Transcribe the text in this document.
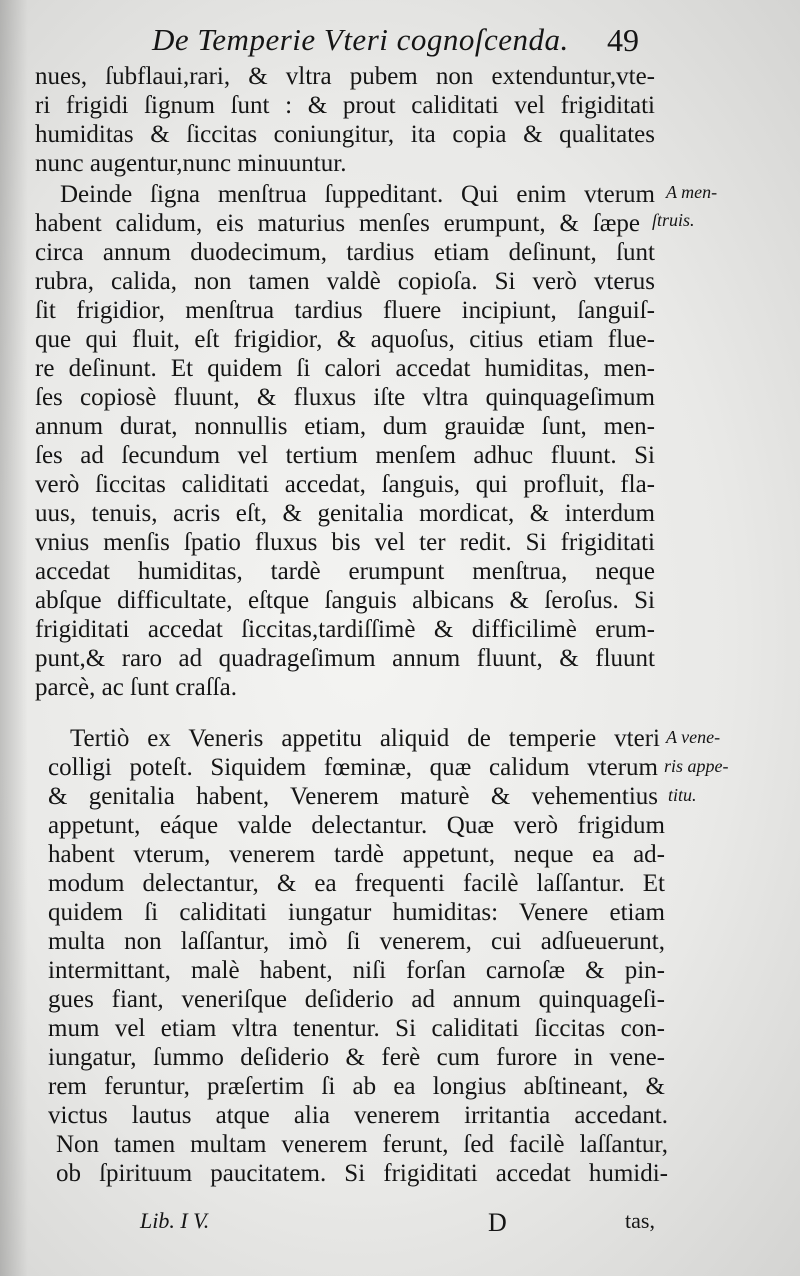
De Temperie Vteri cognoſcenda. 49
nues, ſubflaui,rari, & vltra pubem non extenduntur,vte-
ri frigidi ſignum ſunt : & prout caliditati vel frigiditati
humiditas & ſiccitas coniungitur, ita copia & qualitates
nunc augentur,nunc minuuntur.
Deinde ſigna menſtrua ſuppeditant. Qui enim vterum
habent calidum, eis maturius menſes erumpunt, & ſæpe
circa annum duodecimum, tardius etiam deſinunt, ſunt
rubra, calida, non tamen valdè copioſa. Si verò vterus
ſit frigidior, menſtrua tardius fluere incipiunt, ſanguiſ-
que qui fluit, eſt frigidior, & aquoſus, citius etiam flue-
re deſinunt. Et quidem ſi calori accedat humiditas, men-
ſes copiosè fluunt, & fluxus iſte vltra quinquageſimum
annum durat, nonnullis etiam, dum grauidæ ſunt, men-
ſes ad ſecundum vel tertium menſem adhuc fluunt. Si
verò ſiccitas caliditati accedat, ſanguis, qui profluit, fla-
uus, tenuis, acris eſt, & genitalia mordicat, & interdum
vnius menſis ſpatio fluxus bis vel ter redit. Si frigiditati
accedat humiditas, tardè erumpunt menſtrua, neque
abſque difficultate, eſtque ſanguis albicans & ſeroſus. Si
frigiditati accedat ſiccitas,tardiſſimè & difficilimè erum-
punt,& raro ad quadrageſimum annum fluunt, & fluunt
parcè, ac ſunt craſſa.
Tertiò ex Veneris appetitu aliquid de temperie vteri
colligi poteſt. Siquidem fœminæ, quæ calidum vterum
& genitalia habent, Venerem maturè & vehementius
appetunt, eáque valde delectantur. Quæ verò frigidum
habent vterum, venerem tardè appetunt, neque ea ad-
modum delectantur, & ea frequenti facilè laſſantur. Et
quidem ſi caliditati iungatur humiditas: Venere etiam
multa non laſſantur, imò ſi venerem, cui adſueuerunt,
intermittant, malè habent, niſi forſan carnoſæ & pin-
gues fiant, veneriſque deſiderio ad annum quinquageſi-
mum vel etiam vltra tenentur. Si caliditati ſiccitas con-
iungatur, ſummo deſiderio & ferè cum furore in vene-
rem feruntur, præſertim ſi ab ea longius abſtineant, &
victus lautus atque alia venerem irritantia accedant.
Non tamen multam venerem ferunt, ſed facilè laſſantur,
ob ſpirituum paucitatem. Si frigiditati accedat humidi-
A men-
ſtruis.
A vene-
ris appe-
titu.
Lib. I V.	D	tas,
